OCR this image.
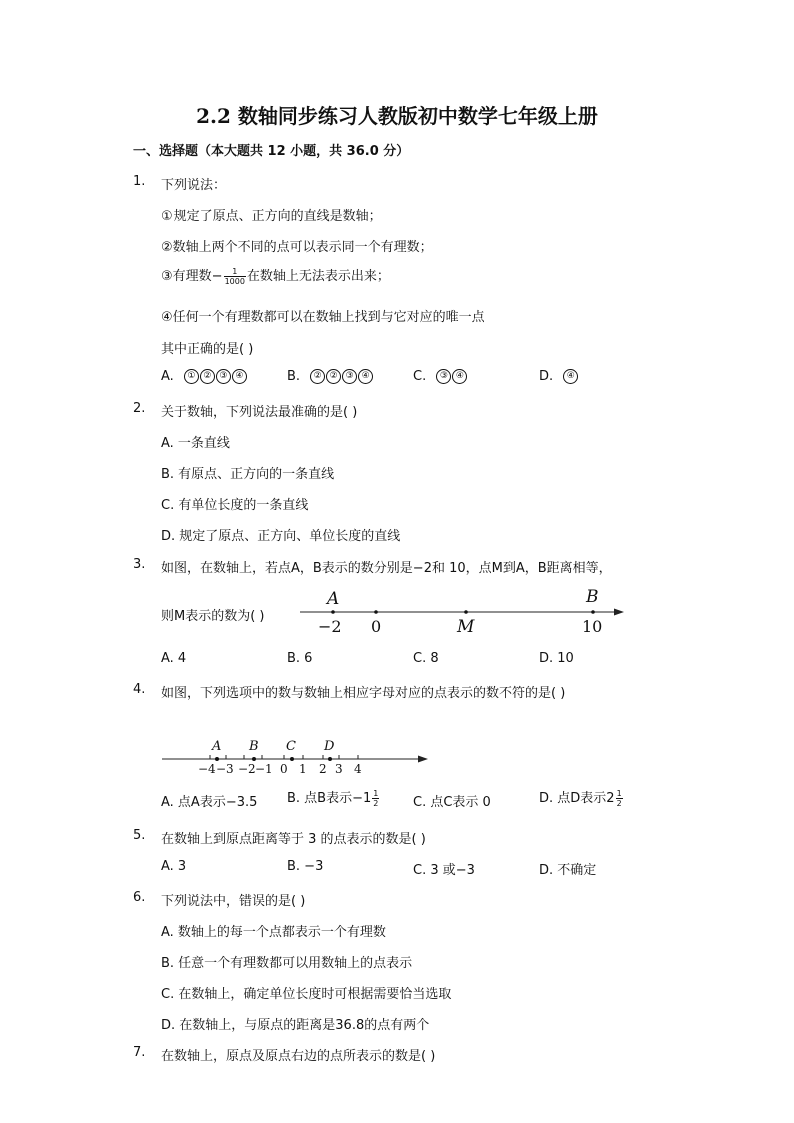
2.2 数轴同步练习人教版初中数学七年级上册
一、选择题（本大题共 12 小题，共 36.0 分）
1. 下列说法：
①规定了原点、正方向的直线是数轴；
②数轴上两个不同的点可以表示同一个有理数；
③有理数− $\frac{1}{1000}$ 在数轴上无法表示出来；
④任何一个有理数都可以在数轴上找到与它对应的唯一点
其中正确的是( )
A. ① ② ③ ④	B. ② ② ③ ④	C. ③ ④	D. ④
2. 关于数轴，下列说法最准确的是( )
A. 一条直线
B. 有原点、正方向的一条直线
C. 有单位长度的一条直线
D. 规定了原点、正方向、单位长度的直线
3. 如图，在数轴上，若点A，B表示的数分别是−2和 10，点M到A，B距离相等，
则M表示的数为( )
A	B
−2 0	M	10
A. 4	B. 6	C. 8	D. 10
4. 如图，下列选项中的数与数轴上相应字母对应的点表示的数不符的是( )
A B C D
−4 −3 −2 −1 0 1 2 3 4
A. 点A表示−3.5 B. 点B表示$-1 \frac{1}{2}$	C. 点C表示 0	D. 点D表示$2 \frac{1}{2}$
5. 在数轴上到原点距离等于 3 的点表示的数是( )
A. 3	B. −3	C. 3 或−3	D. 不确定
6. 下列说法中，错误的是( )
A. 数轴上的每一个点都表示一个有理数
B. 任意一个有理数都可以用数轴上的点表示
C. 在数轴上，确定单位长度时可根据需要恰当选取
D. 在数轴上，与原点的距离是36.8的点有两个
7. 在数轴上，原点及原点右边的点所表示的数是( )
